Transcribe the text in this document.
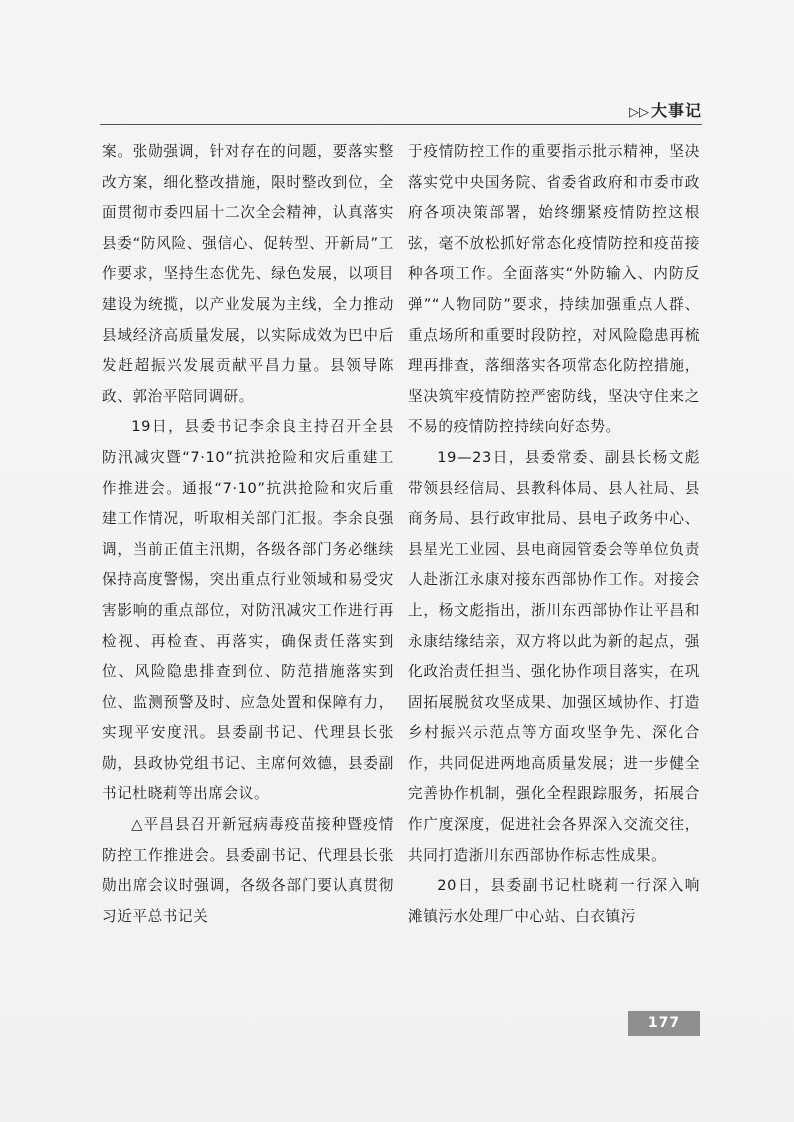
▷▷ 大事记

案。张勋强调，针对存在的问题，要落实整改方案，细化整改措施，限时整改到位，全面贯彻市委四届十二次全会精神，认真落实县委“防风险、强信心、促转型、开新局”工作要求，坚持生态优先、绿色发展，以项目建设为统揽，以产业发展为主线，全力推动县域经济高质量发展，以实际成效为巴中后发赶超振兴发展贡献平昌力量。县领导陈政、郭治平陪同调研。

19日，县委书记李余良主持召开全县防汛减灾暨“7·10”抗洪抢险和灾后重建工作推进会。通报“7·10”抗洪抢险和灾后重建工作情况，听取相关部门汇报。李余良强调，当前正值主汛期，各级各部门务必继续保持高度警惕，突出重点行业领域和易受灾害影响的重点部位，对防汛减灾工作进行再检视、再检查、再落实，确保责任落实到位、风险隐患排查到位、防范措施落实到位、监测预警及时、应急处置和保障有力，实现平安度汛。县委副书记、代理县长张勋，县政协党组书记、主席何效德，县委副书记杜晓莉等出席会议。

△平昌县召开新冠病毒疫苗接种暨疫情防控工作推进会。县委副书记、代理县长张勋出席会议时强调，各级各部门要认真贯彻习近平总书记关

于疫情防控工作的重要指示批示精神，坚决落实党中央国务院、省委省政府和市委市政府各项决策部署，始终绷紧疫情防控这根弦，毫不放松抓好常态化疫情防控和疫苗接种各项工作。全面落实“外防输入、内防反弹”“人物同防”要求，持续加强重点人群、重点场所和重要时段防控，对风险隐患再梳理再排查，落细落实各项常态化防控措施，坚决筑牢疫情防控严密防线，坚决守住来之不易的疫情防控持续向好态势。

19—23日，县委常委、副县长杨文彪带领县经信局、县教科体局、县人社局、县商务局、县行政审批局、县电子政务中心、县星光工业园、县电商园管委会等单位负责人赴浙江永康对接东西部协作工作。对接会上，杨文彪指出，浙川东西部协作让平昌和永康结缘结亲，双方将以此为新的起点，强化政治责任担当、强化协作项目落实，在巩固拓展脱贫攻坚成果、加强区域协作、打造乡村振兴示范点等方面攻坚争先、深化合作，共同促进两地高质量发展；进一步健全完善协作机制，强化全程跟踪服务，拓展合作广度深度，促进社会各界深入交流交往，共同打造浙川东西部协作标志性成果。

20日，县委副书记杜晓莉一行深入响滩镇污水处理厂中心站、白衣镇污

177
